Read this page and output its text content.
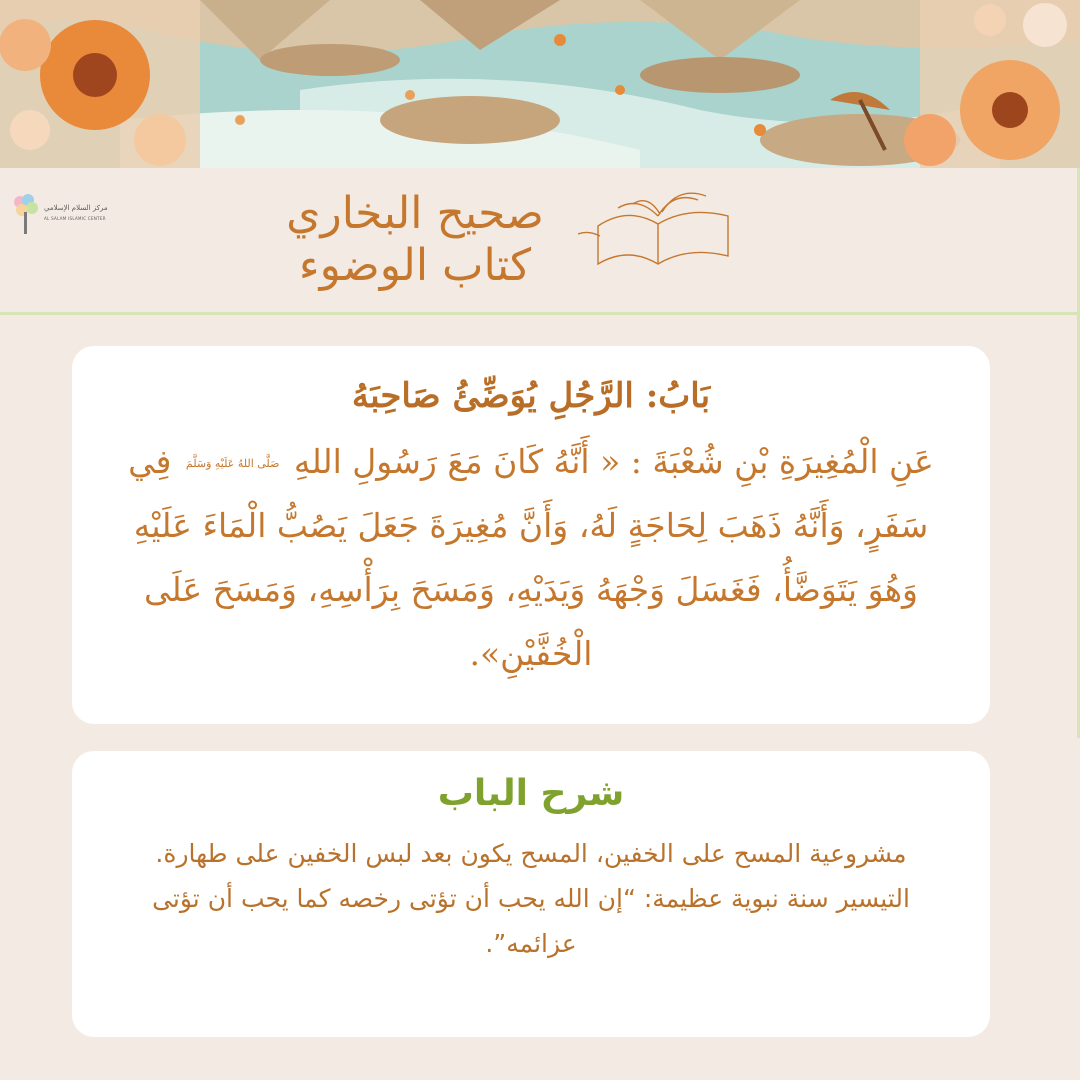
مركز السلام الإسلامي
AL SALAM ISLAMIC CENTER	صحيح البخاري
كتاب الوضوء
بَابُ: الرَّجُلِ يُوَضِّئُ صَاحِبَهُ
عَنِ الْمُغِيرَةِ بْنِ شُعْبَةَ : « أَنَّهُ كَانَ مَعَ رَسُولِ اللهِ صَلَّى اللهُ عَلَيْهِ وَسَلَّمَ فِي سَفَرٍ، وَأَنَّهُ ذَهَبَ لِحَاجَةٍ لَهُ، وَأَنَّ مُغِيرَةَ جَعَلَ يَصُبُّ الْمَاءَ عَلَيْهِ وَهُوَ يَتَوَضَّأُ، فَغَسَلَ وَجْهَهُ وَيَدَيْهِ، وَمَسَحَ بِرَأْسِهِ، وَمَسَحَ عَلَى الْخُفَّيْنِ».
شرح الباب

مشروعية المسح على الخفين، المسح يكون بعد لبس الخفين على طهارة.

التيسير سنة نبوية عظيمة: “إن الله يحب أن تؤتى رخصه كما يحب أن تؤتى عزائمه”.
